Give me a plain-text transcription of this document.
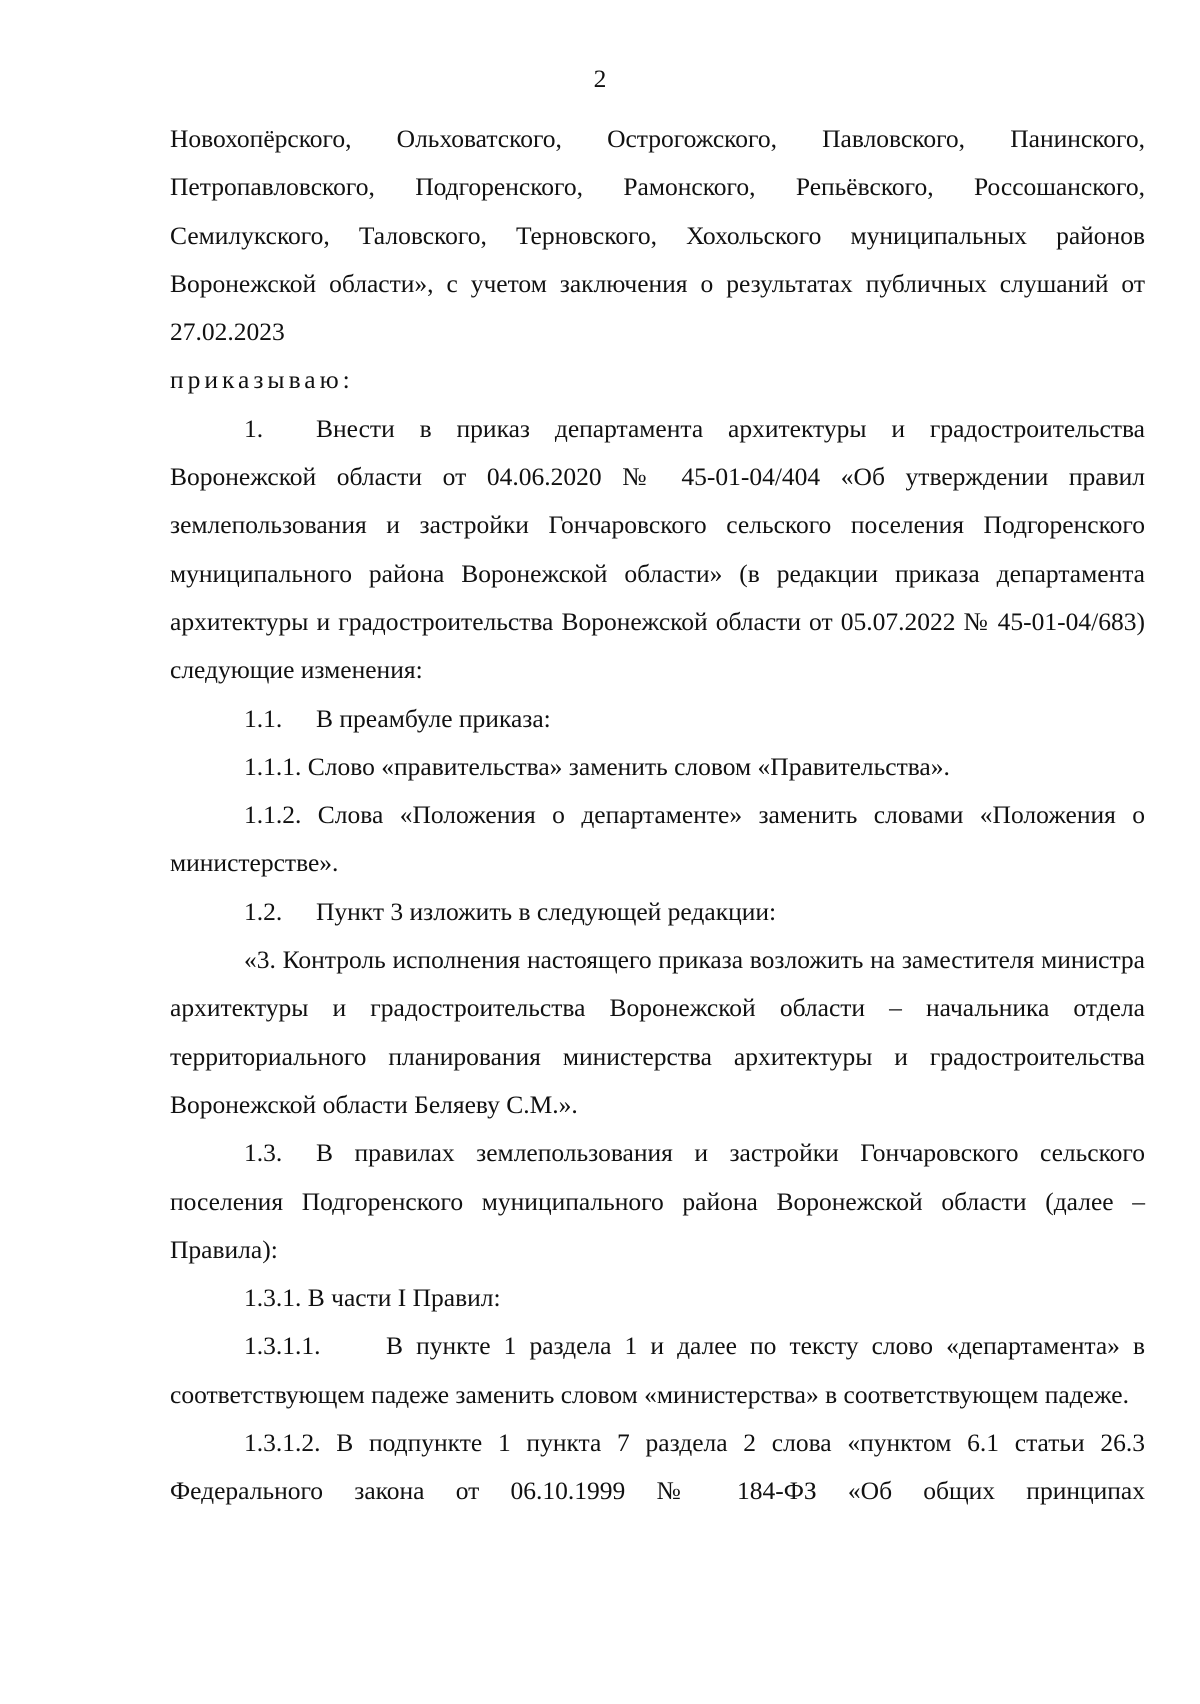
2

Новохопёрского, Ольховатского, Острогожского, Павловского, Панинского, Петропавловского, Подгоренского, Рамонского, Репьёвского, Россошанского, Семилукского, Таловского, Терновского, Хохольского муниципальных районов Воронежской области», с учетом заключения о результатах публичных слушаний от 27.02.2023

приказываю:

1. Внести в приказ департамента архитектуры и градостроительства Воронежской области от 04.06.2020 № 45-01-04/404 «Об утверждении правил землепользования и застройки Гончаровского сельского поселения Подгоренского муниципального района Воронежской области» (в редакции приказа департамента архитектуры и градостроительства Воронежской области от 05.07.2022 № 45-01-04/683) следующие изменения:

1.1. В преамбуле приказа:

1.1.1. Слово «правительства» заменить словом «Правительства».

1.1.2. Слова «Положения о департаменте» заменить словами «Положения о министерстве».

1.2. Пункт 3 изложить в следующей редакции:

«3. Контроль исполнения настоящего приказа возложить на заместителя министра архитектуры и градостроительства Воронежской области – начальника отдела территориального планирования министерства архитектуры и градостроительства Воронежской области Беляеву С.М.».

1.3. В правилах землепользования и застройки Гончаровского сельского поселения Подгоренского муниципального района Воронежской области (далее – Правила):

1.3.1. В части I Правил:

1.3.1.1.	В пункте 1 раздела 1 и далее по тексту слово «департамента» в соответствующем падеже заменить словом «министерства» в соответствующем падеже.

1.3.1.2. В подпункте 1 пункта 7 раздела 2 слова «пунктом 6.1 статьи 26.3 Федерального закона от 06.10.1999 № 184-ФЗ «Об общих принципах
